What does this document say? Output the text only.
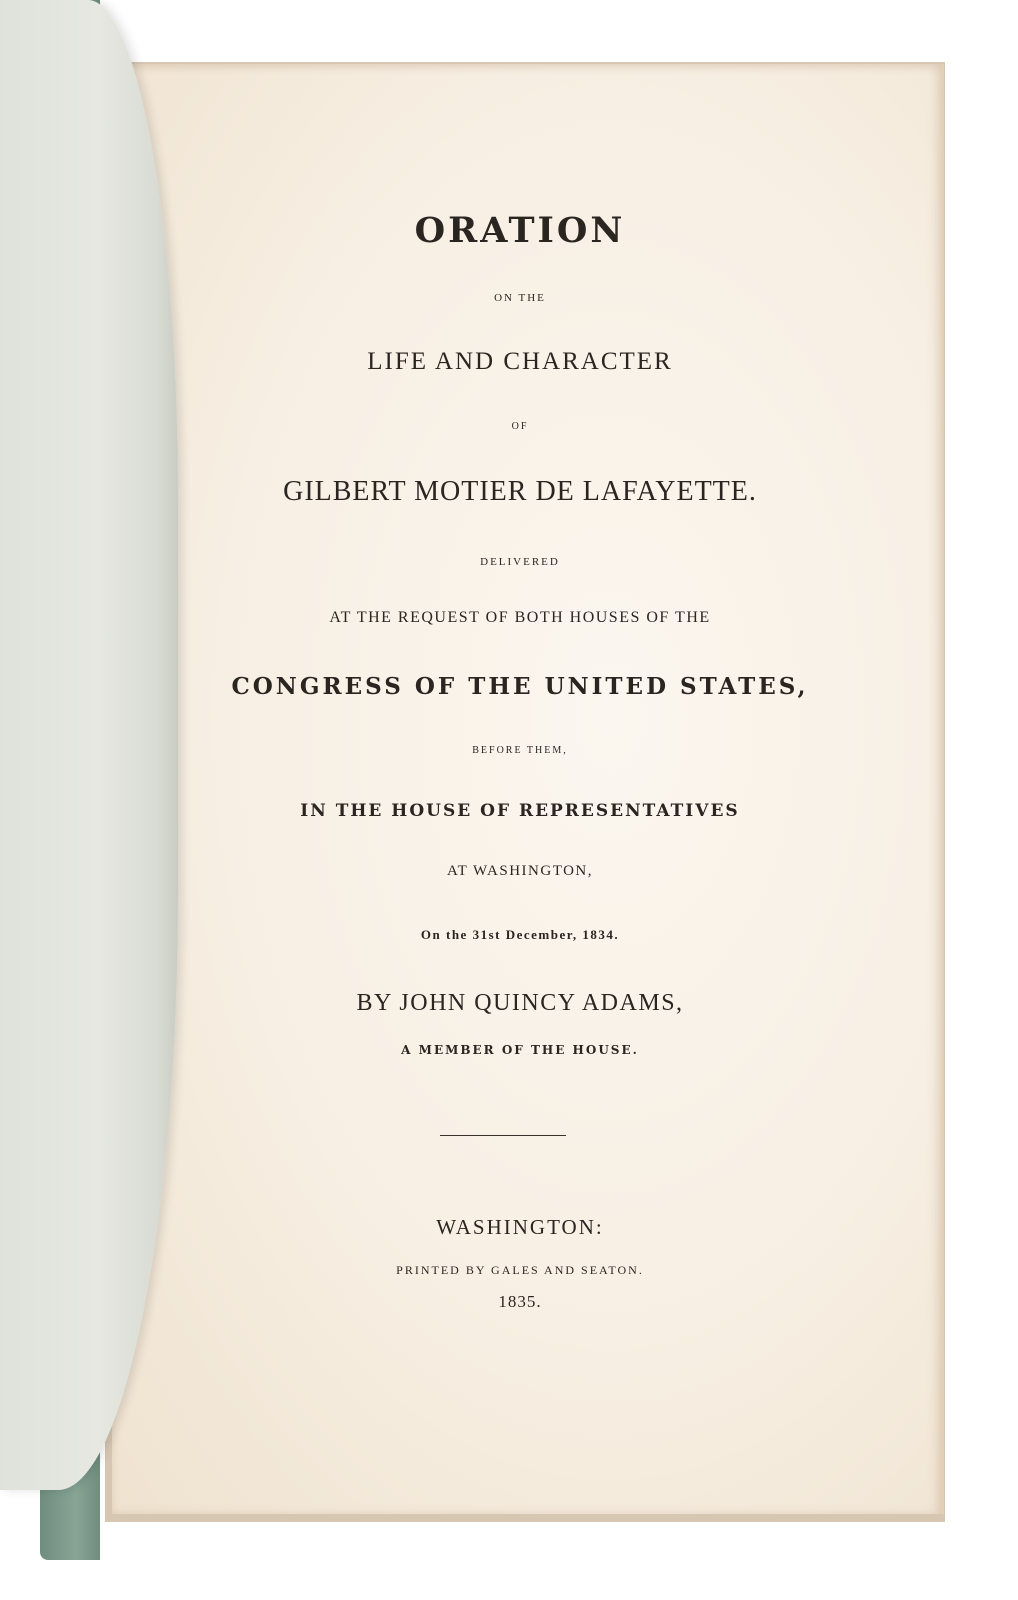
ORATION
ON THE
LIFE AND CHARACTER
OF
GILBERT MOTIER DE LAFAYETTE.
DELIVERED
AT THE REQUEST OF BOTH HOUSES OF THE
CONGRESS OF THE UNITED STATES,
BEFORE THEM,
IN THE HOUSE OF REPRESENTATIVES
AT WASHINGTON,
On the 31st December, 1834.
BY JOHN QUINCY ADAMS,
A MEMBER OF THE HOUSE.
WASHINGTON:
PRINTED BY GALES AND SEATON.
1835.
